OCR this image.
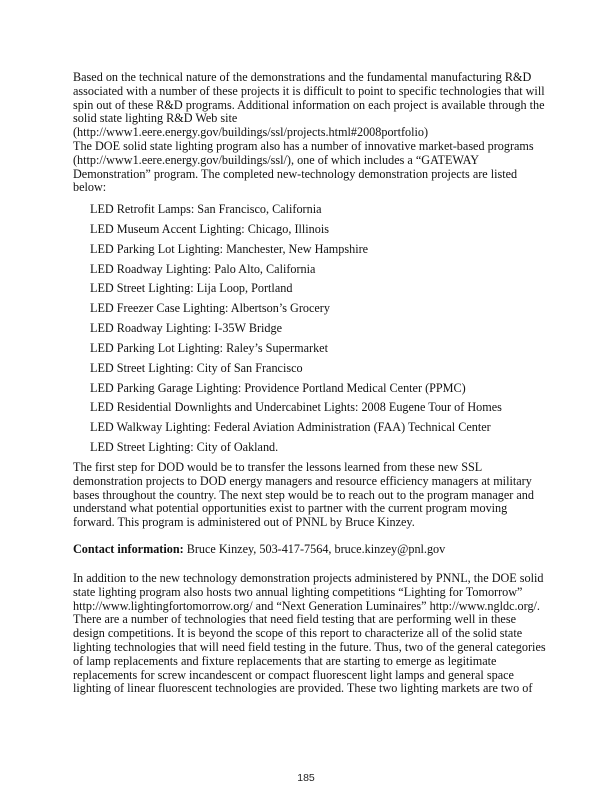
Based on the technical nature of the demonstrations and the fundamental manufacturing R&D associated with a number of these projects it is difficult to point to specific technologies that will spin out of these R&D programs. Additional information on each project is available through the solid state lighting R&D Web site
(http://www1.eere.energy.gov/buildings/ssl/projects.html#2008portfolio)

The DOE solid state lighting program also has a number of innovative market-based programs (http://www1.eere.energy.gov/buildings/ssl/), one of which includes a “GATEWAY Demonstration” program. The completed new-technology demonstration projects are listed below:

LED Retrofit Lamps: San Francisco, California
LED Museum Accent Lighting: Chicago, Illinois
LED Parking Lot Lighting: Manchester, New Hampshire
LED Roadway Lighting: Palo Alto, California
LED Street Lighting: Lija Loop, Portland
LED Freezer Case Lighting: Albertson’s Grocery
LED Roadway Lighting: I-35W Bridge
LED Parking Lot Lighting: Raley’s Supermarket
LED Street Lighting: City of San Francisco
LED Parking Garage Lighting: Providence Portland Medical Center (PPMC)
LED Residential Downlights and Undercabinet Lights: 2008 Eugene Tour of Homes
LED Walkway Lighting: Federal Aviation Administration (FAA) Technical Center
LED Street Lighting: City of Oakland.

The first step for DOD would be to transfer the lessons learned from these new SSL demonstration projects to DOD energy managers and resource efficiency managers at military bases throughout the country. The next step would be to reach out to the program manager and understand what potential opportunities exist to partner with the current program moving forward. This program is administered out of PNNL by Bruce Kinzey.

Contact information: Bruce Kinzey, 503-417-7564, bruce.kinzey@pnl.gov

In addition to the new technology demonstration projects administered by PNNL, the DOE solid state lighting program also hosts two annual lighting competitions “Lighting for Tomorrow” http://www.lightingfortomorrow.org/ and “Next Generation Luminaires” http://www.ngldc.org/. There are a number of technologies that need field testing that are performing well in these design competitions. It is beyond the scope of this report to characterize all of the solid state lighting technologies that will need field testing in the future. Thus, two of the general categories of lamp replacements and fixture replacements that are starting to emerge as legitimate replacements for screw incandescent or compact fluorescent light lamps and general space lighting of linear fluorescent technologies are provided. These two lighting markets are two of

185
